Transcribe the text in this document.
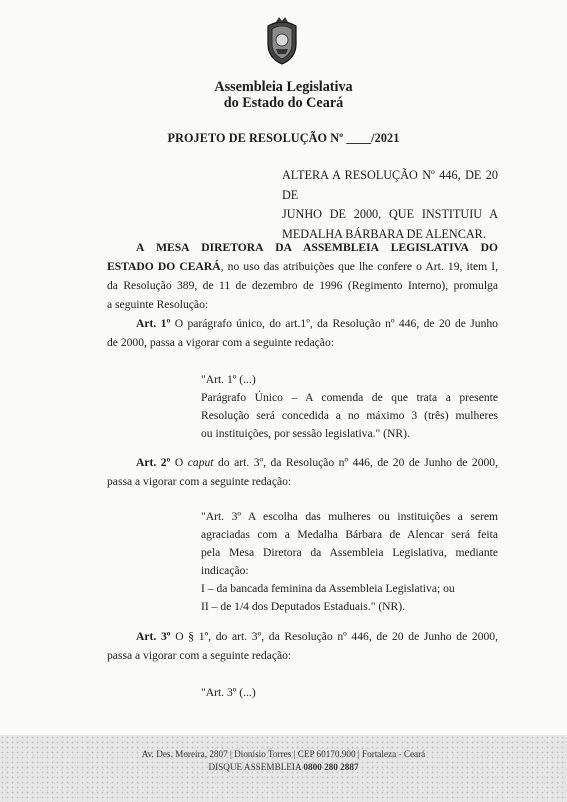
Assembleia Legislativa
do Estado do Ceará
PROJETO DE RESOLUÇÃO Nº ____/2021
ALTERA A RESOLUÇÃO Nº 446, DE 20 DE
JUNHO DE 2000, QUE INSTITUIU A
MEDALHA BÁRBARA DE ALENCAR.
A MESA DIRETORA DA ASSEMBLEIA LEGISLATIVA DO
ESTADO DO CEARÁ, no uso das atribuições que lhe confere o Art. 19, item I,
da Resolução 389, de 11 de dezembro de 1996 (Regimento Interno), promulga
a seguinte Resolução:
Art. 1º O parágrafo único, do art.1º, da Resolução nº 446, de 20 de Junho
de 2000, passa a vigorar com a seguinte redação:
"Art. 1º (...)
Parágrafo Único – A comenda de que trata a presente
Resolução será concedida a no máximo 3 (três) mulheres
ou instituições, por sessão legislativa." (NR).
Art. 2º O caput do art. 3º, da Resolução nº 446, de 20 de Junho de 2000,
passa a vigorar com a seguinte redação:
"Art. 3º A escolha das mulheres ou instituições a serem
agraciadas com a Medalha Bárbara de Alencar será feita
pela Mesa Diretora da Assembleia Legislativa, mediante
indicação:
I – da bancada feminina da Assembleia Legislativa; ou
II – de 1/4 dos Deputados Estaduais." (NR).
Art. 3º O § 1º, do art. 3º, da Resolução nº 446, de 20 de Junho de 2000,
passa a vigorar com a seguinte redação:
"Art. 3º (...)
Av. Des. Moreira, 2807 | Dionísio Torres | CEP 60170.900 | Fortaleza - Ceará
DISQUE ASSEMBLEIA 0800 280 2887
